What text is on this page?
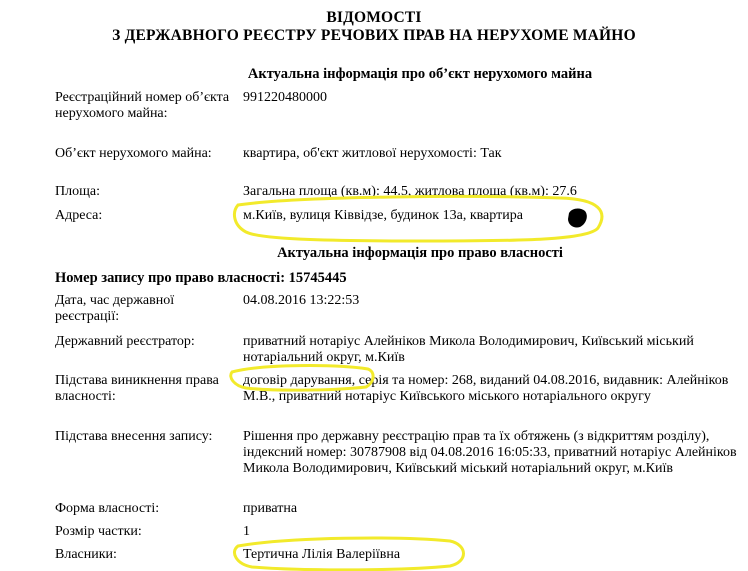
ВІДОМОСТІ
З ДЕРЖАВНОГО РЕЄСТРУ РЕЧОВИХ ПРАВ НА НЕРУХОМЕ МАЙНО
Актуальна інформація про об’єкт нерухомого майна
Реєстраційний номер об’єкта нерухомого майна:
991220480000
Об’єкт нерухомого майна:	квартира, об'єкт житлової нерухомості: Так
Площа:	Загальна площа (кв.м): 44.5, житлова площа (кв.м): 27.6
Адреса:	м.Київ, вулиця Ківвідзе, будинок 13а, квартира
Актуальна інформація про право власності
Номер запису про право власності: 15745445
Дата, час державної реєстрації:
04.08.2016 13:22:53
Державний реєстратор:	приватний нотаріус Алейніков Микола Володимирович, Київський міський нотаріальний округ, м.Київ
Підстава виникнення права власності:
договір дарування, серія та номер: 268, виданий 04.08.2016, видавник: Алейніков М.В., приватний нотаріус Київського міського нотаріального округу
Підстава внесення запису:	Рішення про державну реєстрацію прав та їх обтяжень (з відкриттям розділу), індексний номер: 30787908 від 04.08.2016 16:05:33, приватний нотаріус Алейніков Микола Володимирович, Київський міський нотаріальний округ, м.Київ
Форма власності:	приватна
Розмір частки:	1
Власники:	Тертична Лілія Валеріївна
